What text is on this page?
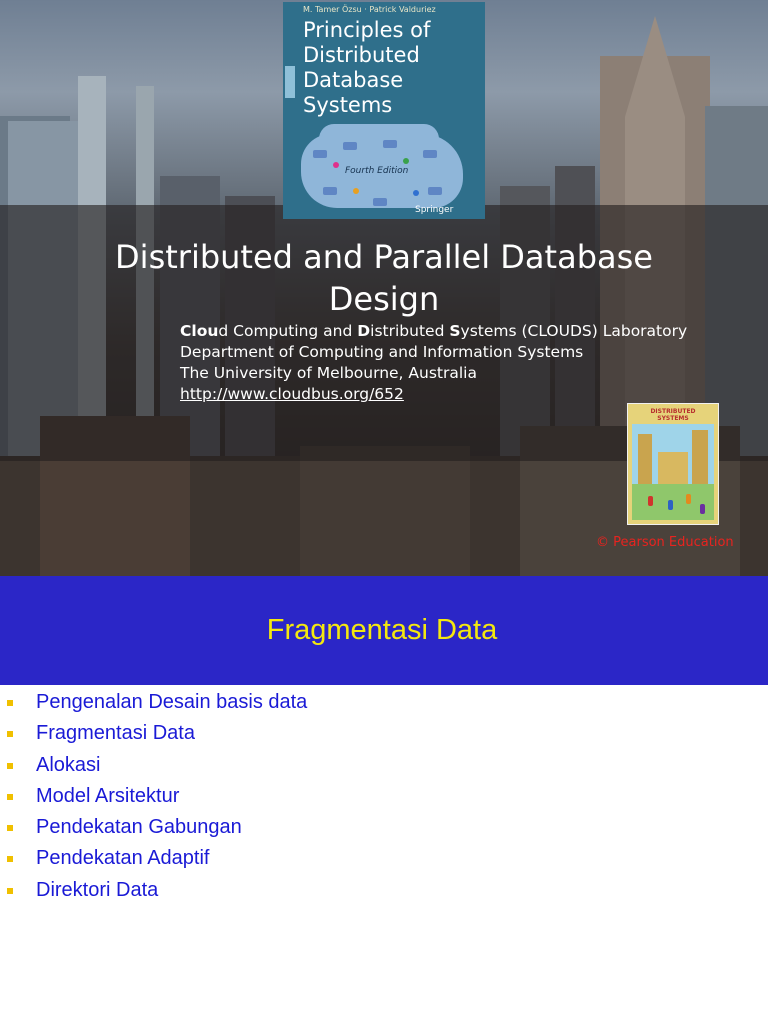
M. Tamer Özsu · Patrick Valduriez
Principles of
Distributed
Database
Systems
Fourth Edition
Springer
Distributed and Parallel Database Design
Cloud Computing and Distributed Systems (CLOUDS) Laboratory
Department of Computing and Information Systems
The University of Melbourne, Australia
http://www.cloudbus.org/652
DISTRIBUTED SYSTEMS
© Pearson Education
Fragmentasi Data
Pengenalan Desain basis data
Fragmentasi Data
Alokasi
Model Arsitektur
Pendekatan Gabungan
Pendekatan Adaptif
Direktori Data
